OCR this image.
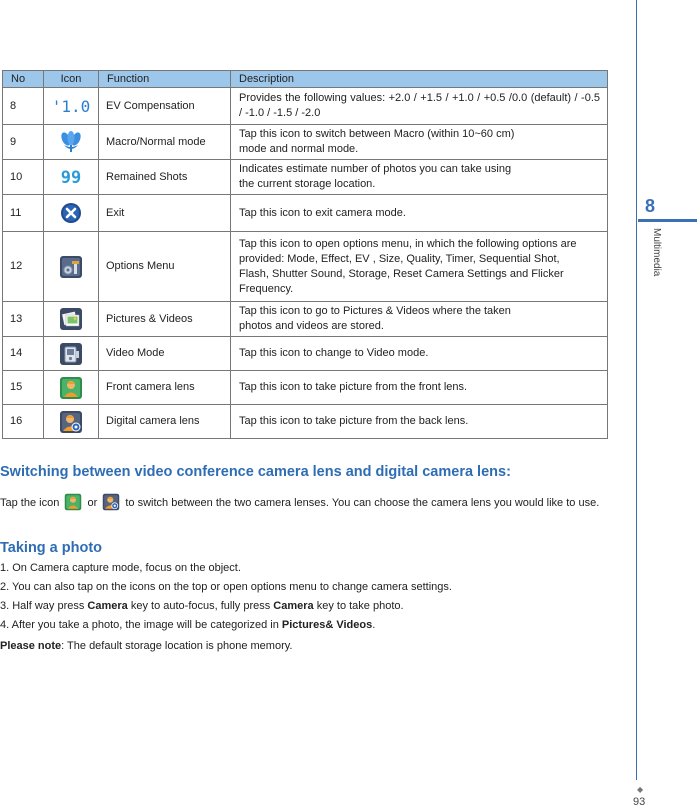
No	Icon	Function	Description
8	'1.0	EV Compensation	Provides the following values: +2.0 / +1.5 / +1.0 / +0.5 /0.0 (default) / -0.5 / -1.0 / -1.5 / -2.0
9		Macro/Normal mode	Tap this icon to switch between Macro (within 10~60 cm) mode and normal mode.

10	99	Remained Shots	Indicates estimate number of photos you can take using the current storage location.

11		Exit	Tap this icon to exit camera mode.
12		Options Menu	Tap this icon to open options menu, in which the following options are provided: Mode, Effect, EV , Size, Quality, Timer, Sequential Shot, Flash, Shutter Sound, Storage, Reset Camera Settings and Flicker Frequency.

13		Pictures & Videos	Tap this icon to go to Pictures & Videos where the taken photos and videos are stored.

14		Video Mode	Tap this icon to change to Video mode.
15		Front camera lens	Tap this icon to take picture from the front lens.
16		Digital camera lens	Tap this icon to take picture from the back lens.
Switching between video conference camera lens and digital camera lens:
Tap the icon	or	to switch between the two camera lenses. You can choose the camera lens you would like to use.
Taking a photo
1. On Camera capture mode, focus on the object.
2. You can also tap on the icons on the top or open options menu to change camera settings.
3. Half way press Camera key to auto-focus, fully press Camera key to take photo.
4. After you take a photo, the image will be categorized in Pictures& Videos.
Please note: The default storage location is phone memory.
8
Multimedia
◆
93
